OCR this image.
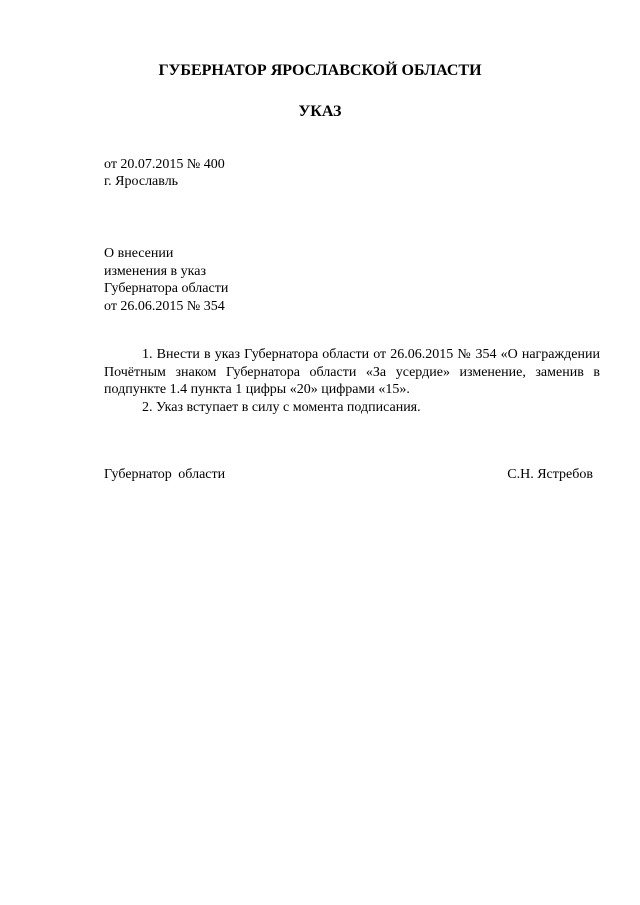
ГУБЕРНАТОР ЯРОСЛАВСКОЙ ОБЛАСТИ
УКАЗ
от 20.07.2015 № 400
г. Ярославль
О внесении
изменения в указ
Губернатора области
от 26.06.2015 № 354

1. Внести в указ Губернатора области от 26.06.2015 № 354 «О награждении Почётным знаком Губернатора области «За усердие» изменение, заменив в подпункте 1.4 пункта 1 цифры «20» цифрами «15».

2. Указ вступает в силу с момента подписания.

Губернатор области	С.Н. Ястребов
